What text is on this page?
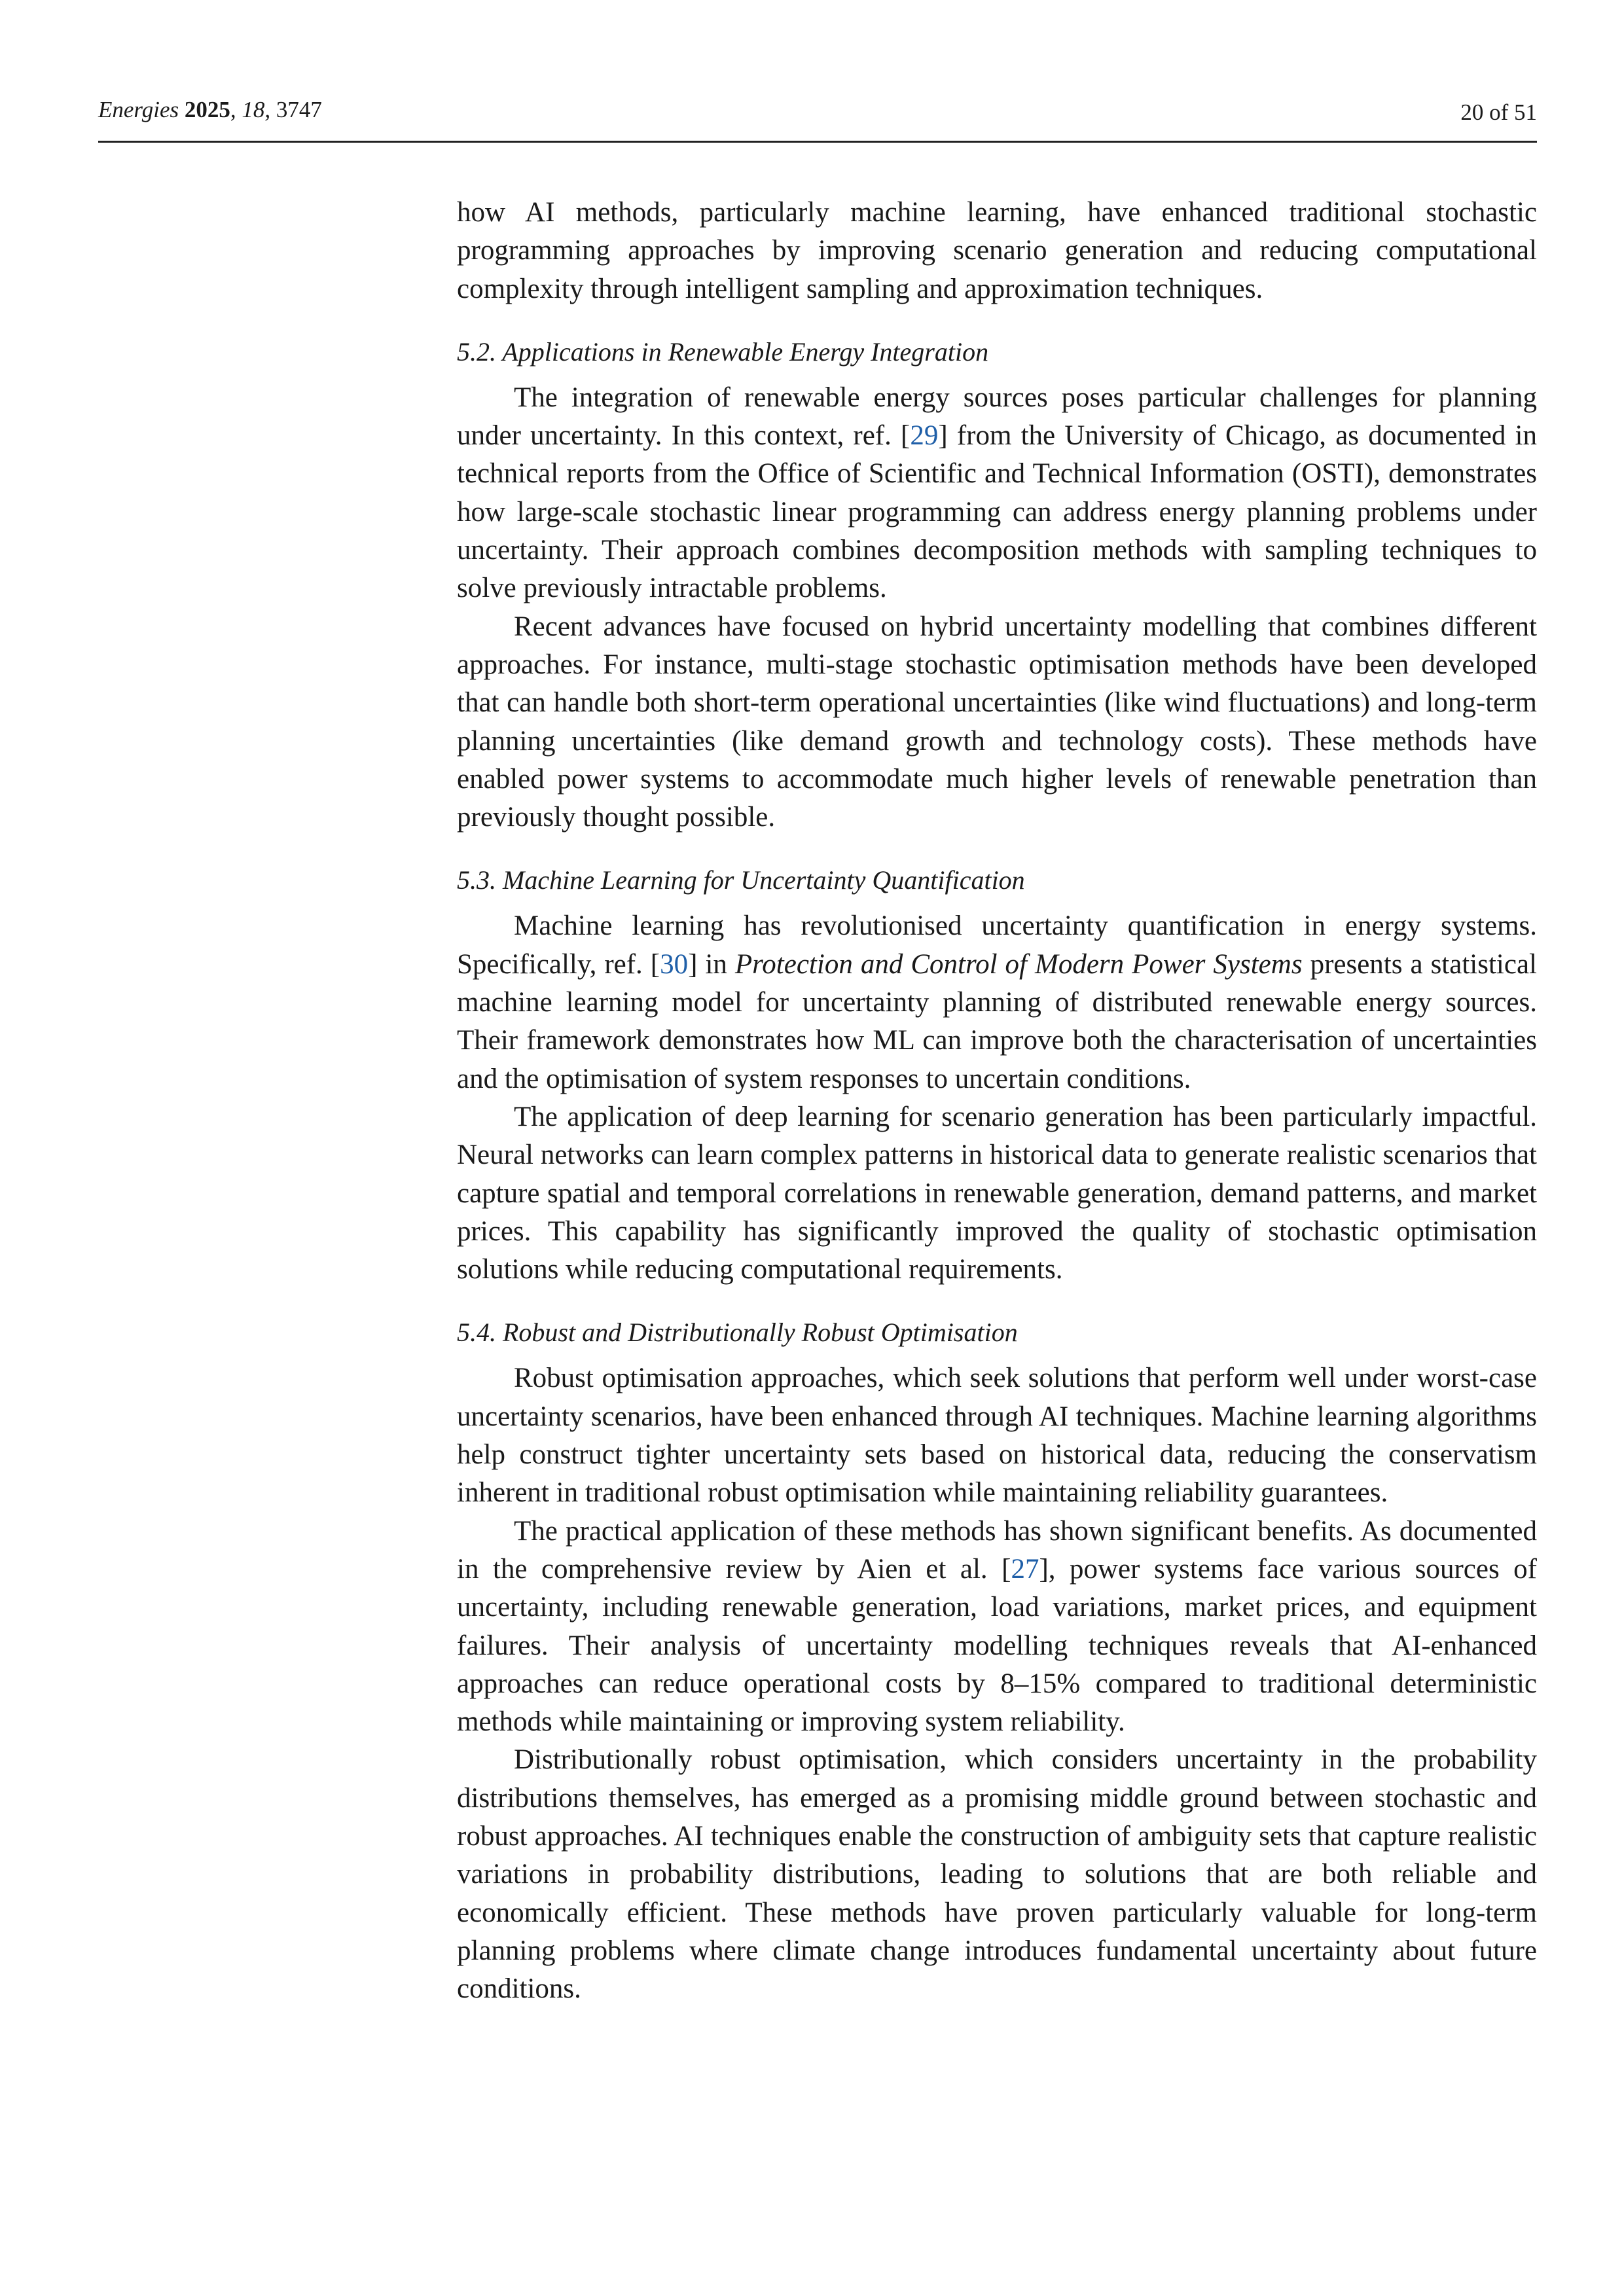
Energies 2025, 18, 3747	20 of 51

how AI methods, particularly machine learning, have enhanced traditional stochastic programming approaches by improving scenario generation and reducing computational complexity through intelligent sampling and approximation techniques.

5.2. Applications in Renewable Energy Integration

The integration of renewable energy sources poses particular challenges for planning under uncertainty. In this context, ref. [29] from the University of Chicago, as documented in technical reports from the Office of Scientific and Technical Information (OSTI), demonstrates how large-scale stochastic linear programming can address energy planning problems under uncertainty. Their approach combines decomposition methods with sampling techniques to solve previously intractable problems.

Recent advances have focused on hybrid uncertainty modelling that combines different approaches. For instance, multi-stage stochastic optimisation methods have been developed that can handle both short-term operational uncertainties (like wind fluctuations) and long-term planning uncertainties (like demand growth and technology costs). These methods have enabled power systems to accommodate much higher levels of renewable penetration than previously thought possible.

5.3. Machine Learning for Uncertainty Quantification

Machine learning has revolutionised uncertainty quantification in energy systems. Specifically, ref. [30] in Protection and Control of Modern Power Systems presents a statistical machine learning model for uncertainty planning of distributed renewable energy sources. Their framework demonstrates how ML can improve both the characterisation of uncertainties and the optimisation of system responses to uncertain conditions.

The application of deep learning for scenario generation has been particularly impactful. Neural networks can learn complex patterns in historical data to generate realistic scenarios that capture spatial and temporal correlations in renewable generation, demand patterns, and market prices. This capability has significantly improved the quality of stochastic optimisation solutions while reducing computational requirements.

5.4. Robust and Distributionally Robust Optimisation

Robust optimisation approaches, which seek solutions that perform well under worst-case uncertainty scenarios, have been enhanced through AI techniques. Machine learning algorithms help construct tighter uncertainty sets based on historical data, reducing the conservatism inherent in traditional robust optimisation while maintaining reliability guarantees.

The practical application of these methods has shown significant benefits. As documented in the comprehensive review by Aien et al. [27], power systems face various sources of uncertainty, including renewable generation, load variations, market prices, and equipment failures. Their analysis of uncertainty modelling techniques reveals that AI-enhanced approaches can reduce operational costs by 8–15% compared to traditional deterministic methods while maintaining or improving system reliability.

Distributionally robust optimisation, which considers uncertainty in the probability distributions themselves, has emerged as a promising middle ground between stochastic and robust approaches. AI techniques enable the construction of ambiguity sets that capture realistic variations in probability distributions, leading to solutions that are both reliable and economically efficient. These methods have proven particularly valuable for long-term planning problems where climate change introduces fundamental uncertainty about future conditions.
